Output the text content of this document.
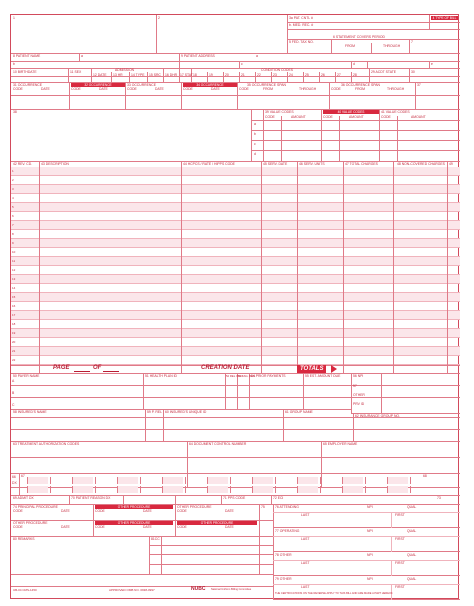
1	2	3a PAT. CNTL #
b. MED. REC. #
4 TYPE OF BILL
5 FED. TAX NO.
6 STATEMENT COVERS PERIOD
FROM	THROUGH
7
8 PATIENT NAME	a	9 PATIENT ADDRESS	a
b	c	d	e
10 BIRTHDATE	11 SEX	ADMISSION
12 DATE 13 HR 14 TYPE 15 SRC 16 DHR 17 STAT
CONDITION CODES
18	19	20	21	22	23	24	25	26	27	28
29 ACDT STATE	30
31 OCCURRENCE
CODE	DATE
32 OCCURRENCE
CODE	DATE
33 OCCURRENCE
CODE	DATE
34 OCCURRENCE
CODE	DATE
35 OCCURRENCE SPAN
CODE	FROM	THROUGH
36 OCCURRENCE SPAN
CODE	FROM	THROUGH
37
38	39 VALUE CODES
CODE	AMOUNT
40 VALUE CODES
CODE	AMOUNT
41 VALUE CODES
CODE	AMOUNT
a
b
c
d
42 REV. CD.	43 DESCRIPTION	44 HCPCS / RATE / HIPPS CODE	45 SERV. DATE	46 SERV. UNITS	47 TOTAL CHARGES	48 NON-COVERED CHARGES 49
1
2
3
4
5
6
7
8
9
10
11
12
13
14
15
16
17
18
19
20
21
22
PAGE	OF	CREATION DATE	TOTALS
50 PAYER NAME	51 HEALTH PLAN ID	52 REL INFO
53 ASG. BEN.
54 PRIOR PAYMENTS	55 EST. AMOUNT DUE	56 NPI
57
OTHER
PRV ID
A
B
C
58 INSURED'S NAME	59 P. REL 60 INSURED'S UNIQUE ID	61 GROUP NAME
62 INSURANCE GROUP NO.
63 TREATMENT AUTHORIZATION CODES	64 DOCUMENT CONTROL NUMBER	65 EMPLOYER NAME
66
DX
67	68
69 ADMIT DX	70 PATIENT REASON DX	71 PPS CODE	72 ECI	73
74 PRINCIPAL PROCEDURE
CODE	DATE
OTHER PROCEDURE
CODE	DATE
OTHER PROCEDURE
CODE	DATE
75
OTHER PROCEDURE
CODE	DATE
OTHER PROCEDURE
CODE	DATE
OTHER PROCEDURE
CODE	DATE
76 ATTENDING	NPI	QUAL
LAST	FIRST
77 OPERATING	NPI	QUAL
LAST	FIRST
78 OTHER	NPI	QUAL
LAST	FIRST
79 OTHER	NPI	QUAL
LAST	FIRST
80 REMARKS	81CC
UB-04 CMS-1450	APPROVED OMB NO. 0938-0997	NUBC National Uniform Billing Committee
THE CERTIFICATIONS ON THE REVERSE APPLY TO THIS BILL AND ARE MADE A PART HEREOF.
